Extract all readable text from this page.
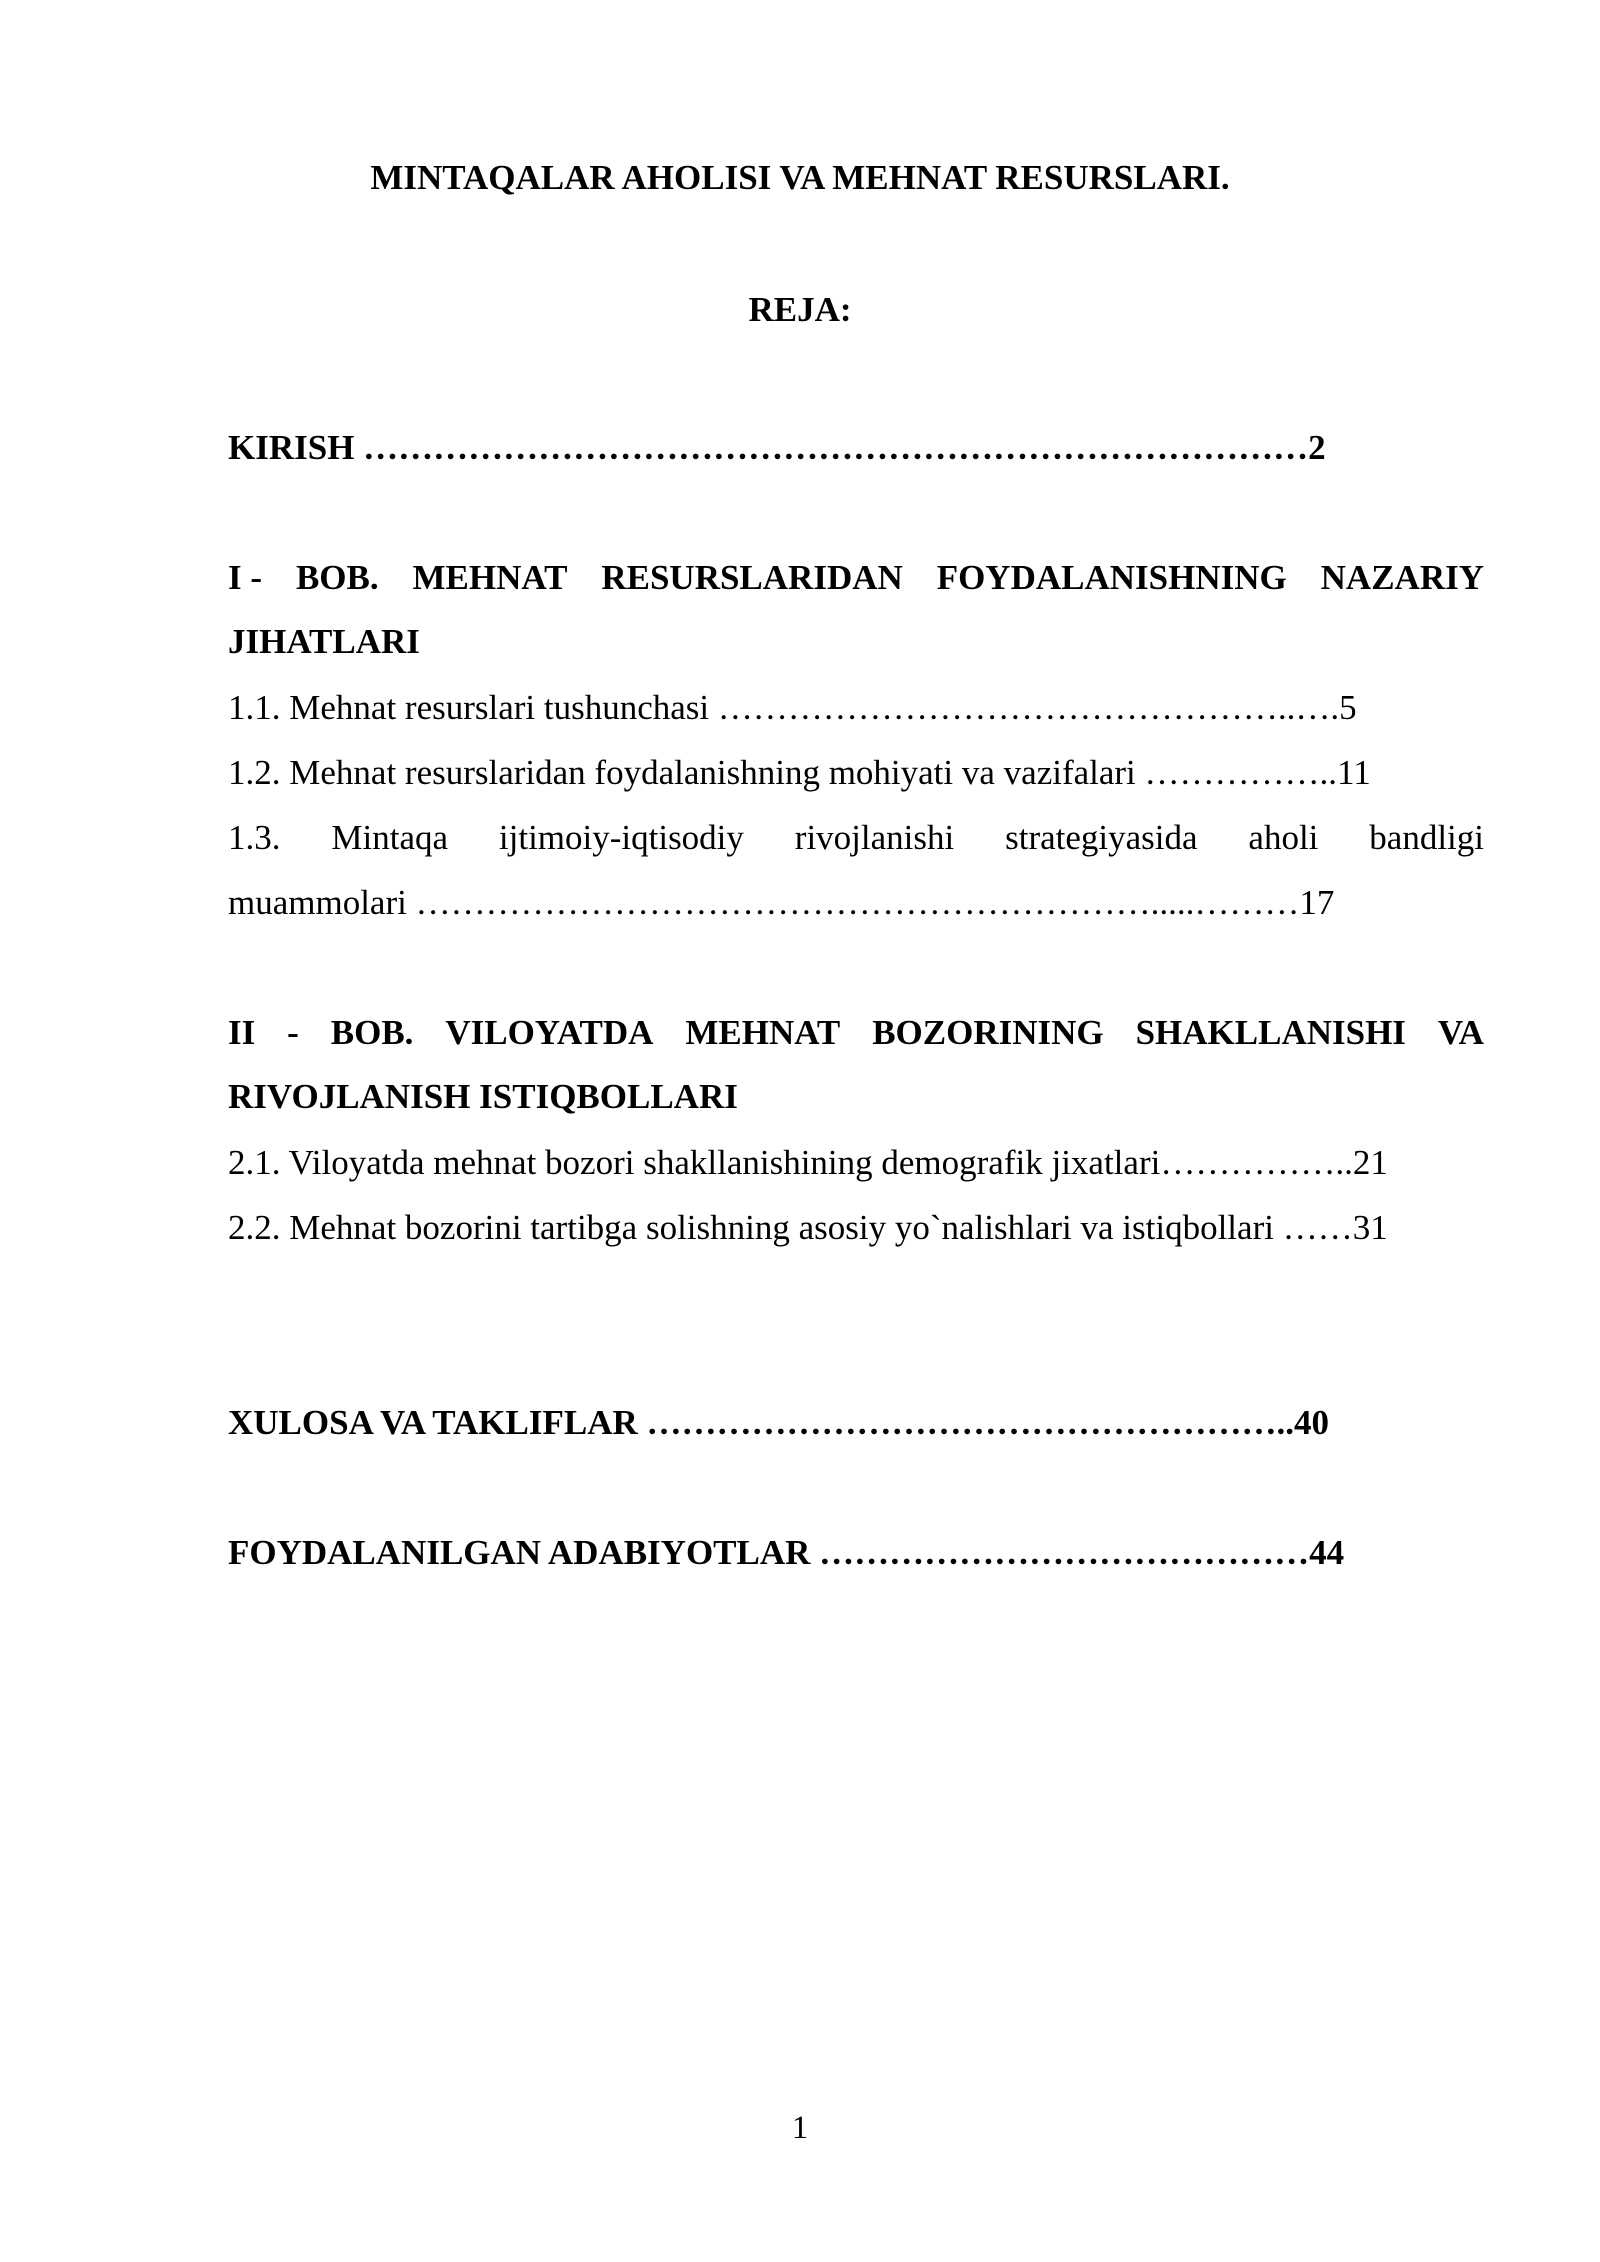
MINTAQALAR AHOLISI VA MEHNAT RESURSLARI.
REJA:
KIRISH ………………………………………………………………………2
I - BOB. MEHNAT RESURSLARIDAN FOYDALANISHNING NAZARIY
JIHATLARI
1.1. Mehnat resurslari tushunchasi …………………………………………..….5
1.2. Mehnat resurslaridan foydalanishning mohiyati va vazifalari ……………..11
1.3. Mintaqa ijtimoiy-iqtisodiy rivojlanishi strategiyasida aholi bandligi
muammolari ……………………………………………………….....………17
II - BOB. VILOYATDA MEHNAT BOZORINING SHAKLLANISHI VA
RIVOJLANISH ISTIQBOLLARI
2.1. Viloyatda mehnat bozori shakllanishining demografik jixatlari……………..21
2.2. Mehnat bozorini tartibga solishning asosiy yo`nalishlari va istiqbollari ……31
XULOSA VA TAKLIFLAR ………………………………………………..40
FOYDALANILGAN ADABIYOTLAR ……………………………………44
1
